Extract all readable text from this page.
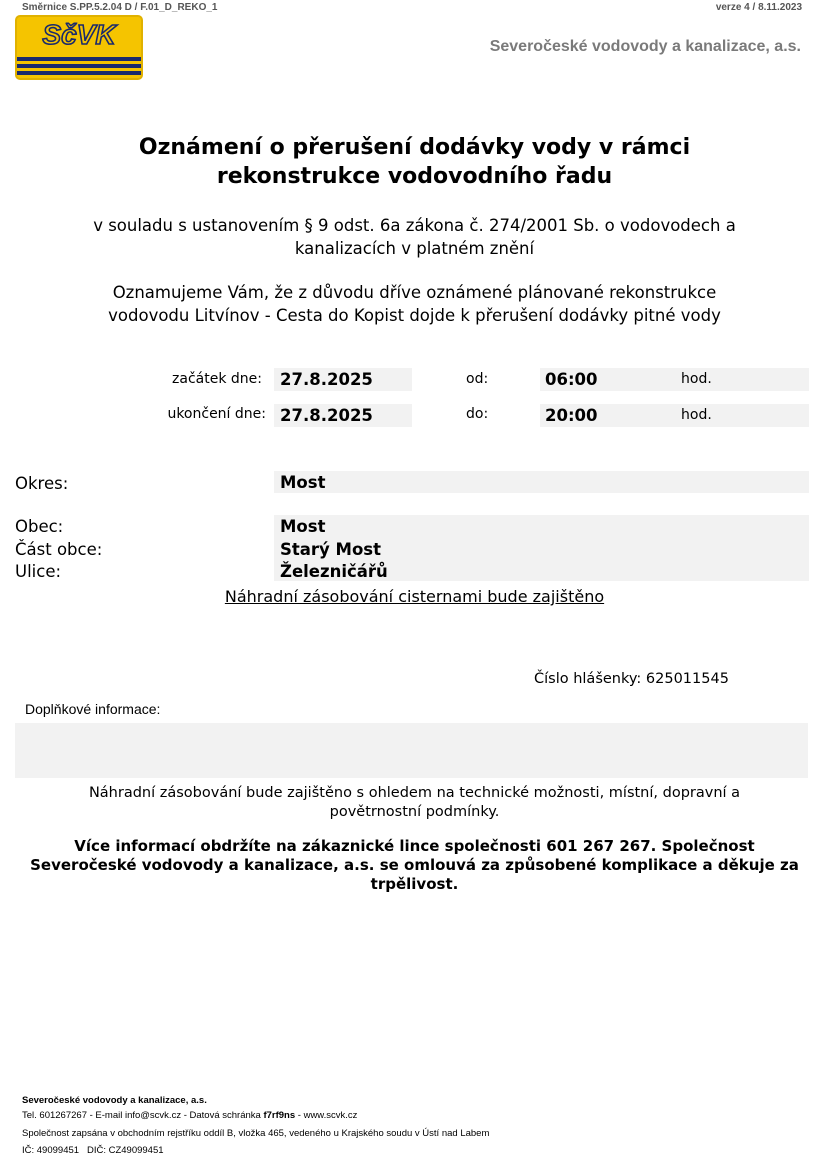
Směrnice S.PP.5.2.04 D / F.01_D_REKO_1	verze 4 / 8.11.2023
SčVK	Severočeské vodovody a kanalizace, a.s.
Oznámení o přerušení dodávky vody v rámci
rekonstrukce vodovodního řadu
v souladu s ustanovením § 9 odst. 6a zákona č. 274/2001 Sb. o vodovodech a
kanalizacích v platném znění
Oznamujeme Vám, že z důvodu dříve oznámené plánované rekonstrukce
vodovodu Litvínov - Cesta do Kopist dojde k přerušení dodávky pitné vody
začátek dne: 27.8.2025	od:	06:00	hod.
ukončení dne: 27.8.2025	do:	20:00	hod.
Okres:	Most
Obec:	Most
Část obce:	Starý Most
Ulice:	Železničářů
Náhradní zásobování cisternami bude zajištěno
Číslo hlášenky: 625011545
Doplňkové informace:
Náhradní zásobování bude zajištěno s ohledem na technické možnosti, místní, dopravní a
povětrnostní podmínky.
Více informací obdržíte na zákaznické lince společnosti 601 267 267. Společnost
Severočeské vodovody a kanalizace, a.s. se omlouvá za způsobené komplikace a děkuje za
trpělivost.
Severočeské vodovody a kanalizace, a.s.
Tel. 601267267 - E-mail info@scvk.cz - Datová schránka f7rf9ns - www.scvk.cz
Společnost zapsána v obchodním rejstříku oddíl B, vložka 465, vedeného u Krajského soudu v Ústí nad Labem
IČ: 49099451   DIČ: CZ49099451
